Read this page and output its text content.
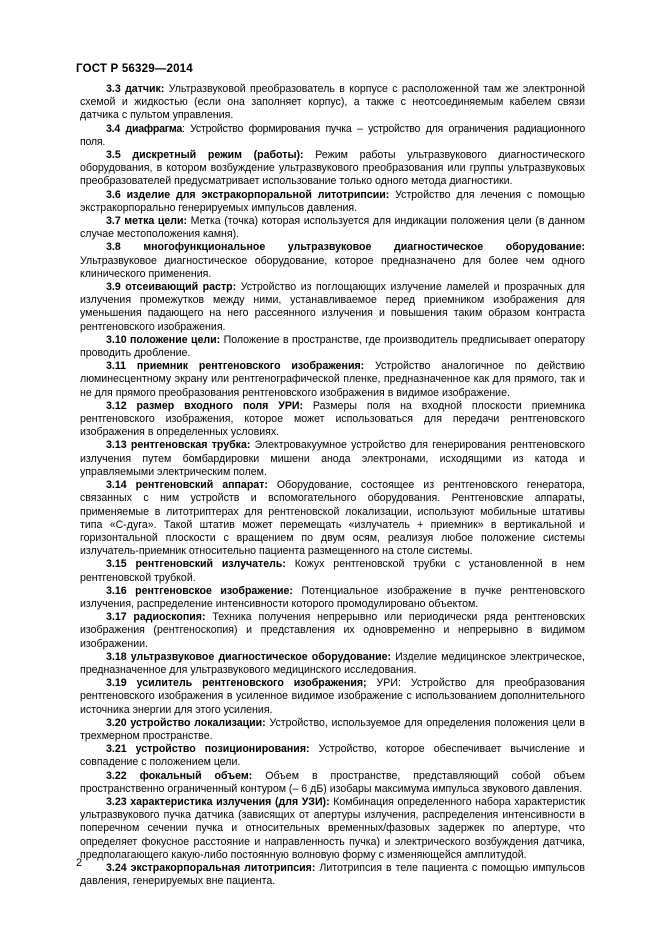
ГОСТ Р 56329—2014

3.3 датчик: Ультразвуковой преобразователь в корпусе с расположенной там же электронной схемой и жидкостью (если она заполняет корпус), а также с неотсоединяемым кабелем связи датчика с пультом управления.

3.4 диафрагма: Устройство формирования пучка – устройство для ограничения радиационного поля.

3.5 дискретный режим (работы): Режим работы ультразвукового диагностического оборудования, в котором возбуждение ультразвукового преобразования или группы ультразвуковых преобразователей предусматривает использование только одного метода диагностики.

3.6 изделие для экстракорпоральной литотрипсии: Устройство для лечения с помощью экстракорпорально генерируемых импульсов давления.

3.7 метка цели: Метка (точка) которая используется для индикации положения цели (в данном случае местоположения камня).

3.8 многофункциональное ультразвуковое диагностическое оборудование: Ультразвуковое диагностическое оборудование, которое предназначено для более чем одного клинического применения.

3.9 отсеивающий растр: Устройство из поглощающих излучение ламелей и прозрачных для излучения промежутков между ними, устанавливаемое перед приемником изображения для уменьшения падающего на него рассеянного излучения и повышения таким образом контраста рентгеновского изображения.

3.10 положение цели: Положение в пространстве, где производитель предписывает оператору проводить дробление.

3.11 приемник рентгеновского изображения: Устройство аналогичное по действию люминесцентному экрану или рентгенографической пленке, предназначенное как для прямого, так и не для прямого преобразования рентгеновского изображения в видимое изображение.

3.12 размер входного поля УРИ: Размеры поля на входной плоскости приемника рентгеновского изображения, которое может использоваться для передачи рентгеновского изображения в определенных условиях.

3.13 рентгеновская трубка: Электровакуумное устройство для генерирования рентгеновского излучения путем бомбардировки мишени анода электронами, исходящими из катода и управляемыми электрическим полем.

3.14 рентгеновский аппарат: Оборудование, состоящее из рентгеновского генератора, связанных с ним устройств и вспомогательного оборудования. Рентгеновские аппараты, применяемые в литотриптерах для рентгеновской локализации, используют мобильные штативы типа «С-дуга». Такой штатив может перемещать «излучатель + приемник» в вертикальной и горизонтальной плоскости с вращением по двум осям, реализуя любое положение системы излучатель-приемник относительно пациента размещенного на столе системы.

3.15 рентгеновский излучатель: Кожух рентгеновской трубки с установленной в нем рентгеновской трубкой.

3.16 рентгеновское изображение: Потенциальное изображение в пучке рентгеновского излучения, распределение интенсивности которого промодулировано объектом.

3.17 радиоскопия: Техника получения непрерывно или периодически ряда рентгеновских изображения (рентгеноскопия) и представления их одновременно и непрерывно в видимом изображении.

3.18 ультразвуковое диагностическое оборудование: Изделие медицинское электрическое, предназначенное для ультразвукового медицинского исследования.

3.19 усилитель рентгеновского изображения; УРИ: Устройство для преобразования рентгеновского изображения в усиленное видимое изображение с использованием дополнительного источника энергии для этого усиления.

3.20 устройство локализации: Устройство, используемое для определения положения цели в трехмерном пространстве.

3.21 устройство позиционирования: Устройство, которое обеспечивает вычисление и совпадение с положением цели.

3.22 фокальный объем: Объем в пространстве, представляющий собой объем пространственно ограниченный контуром (– 6 дБ) изобары максимума импульса звукового давления.

3.23 характеристика излучения (для УЗИ): Комбинация определенного набора характеристик ультразвукового пучка датчика (зависящих от апертуры излучения, распределения интенсивности в поперечном сечении пучка и относительных временных/фазовых задержек по апертуре, что определяет фокусное расстояние и направленность пучка) и электрического возбуждения датчика, предполагающего какую-либо постоянную волновую форму с изменяющейся амплитудой.

3.24 экстракорпоральная литотрипсия: Литотрипсия в теле пациента с помощью импульсов давления, генерируемых вне пациента.

2
